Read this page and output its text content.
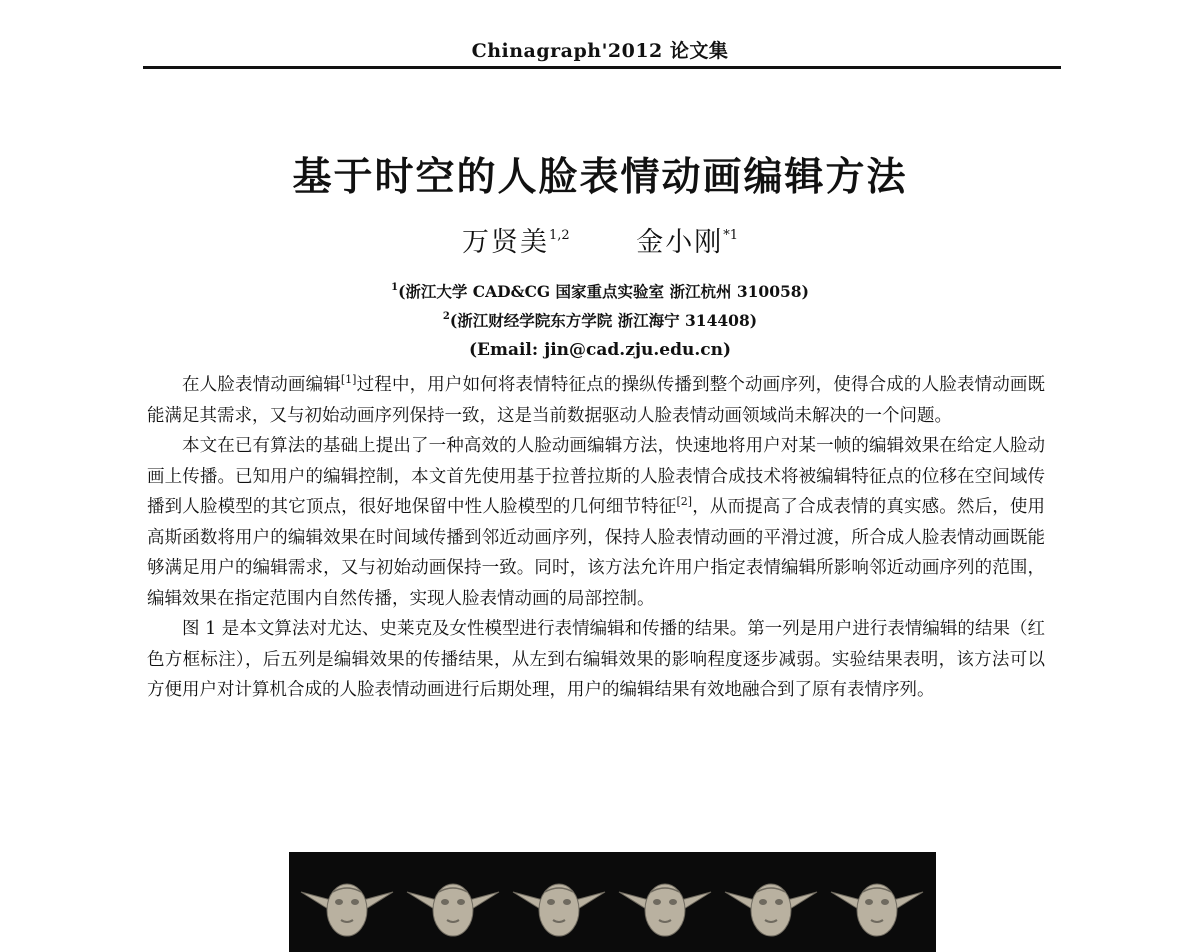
Chinagraph'2012 论文集
基于时空的人脸表情动画编辑方法
万贤美$^{1,2}$ 金小刚$^{*1}$
$^1$(浙江大学 CAD&CG 国家重点实验室 浙江杭州 310058)
$^2$(浙江财经学院东方学院 浙江海宁 314408)
(Email: jin@cad.zju.edu.cn)

在人脸表情动画编辑[1]过程中，用户如何将表情特征点的操纵传播到整个动画序列，使得合成的人脸表情动画既能满足其需求，又与初始动画序列保持一致，这是当前数据驱动人脸表情动画领域尚未解决的一个问题。

本文在已有算法的基础上提出了一种高效的人脸动画编辑方法，快速地将用户对某一帧的编辑效果在给定人脸动画上传播。已知用户的编辑控制，本文首先使用基于拉普拉斯的人脸表情合成技术将被编辑特征点的位移在空间域传播到人脸模型的其它顶点，很好地保留中性人脸模型的几何细节特征[2]，从而提高了合成表情的真实感。然后，使用高斯函数将用户的编辑效果在时间域传播到邻近动画序列，保持人脸表情动画的平滑过渡，所合成人脸表情动画既能够满足用户的编辑需求，又与初始动画保持一致。同时，该方法允许用户指定表情编辑所影响邻近动画序列的范围，编辑效果在指定范围内自然传播，实现人脸表情动画的局部控制。

图 1 是本文算法对尤达、史莱克及女性模型进行表情编辑和传播的结果。第一列是用户进行表情编辑的结果（红色方框标注），后五列是编辑效果的传播结果，从左到右编辑效果的影响程度逐步减弱。实验结果表明，该方法可以方便用户对计算机合成的人脸表情动画进行后期处理，用户的编辑结果有效地融合到了原有表情序列。
